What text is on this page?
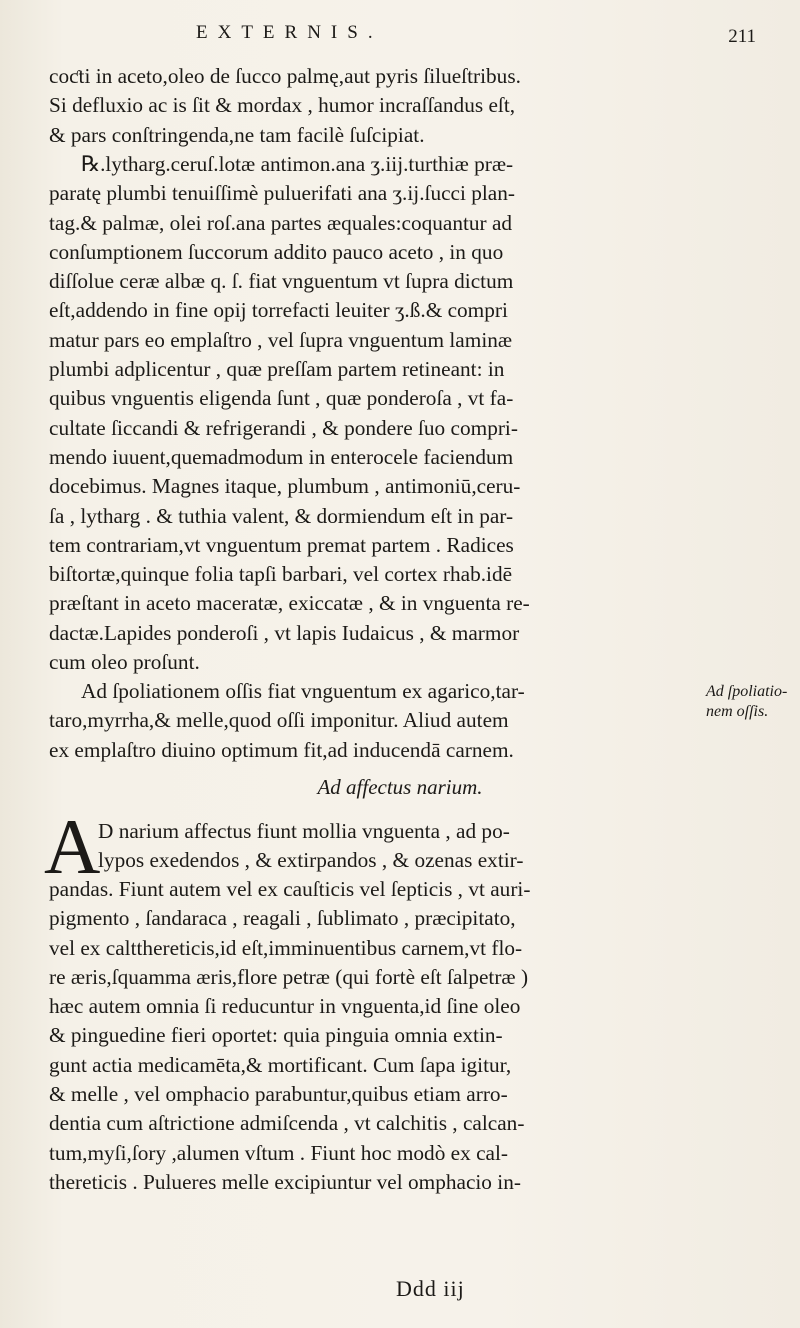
EXTERNIS.	211
coƈti in aceto,oleo de ſucco palmę,aut pyris ſilueſtribus.
Si defluxio ac is ſit & mordax , humor incraſſandus eſt,
& pars conſtringenda,ne tam facilè ſuſcipiat.
℞.lytharg.ceruſ.lotæ antimon.ana ʒ.iij.turthiæ præ-
paratę plumbi tenuiſſimè puluerifati ana ʒ.ij.ſucci plan-
tag.& palmæ, olei roſ.ana partes æquales:coquantur ad
conſumptionem ſuccorum addito pauco aceto , in quo
diſſolue ceræ albæ q. ſ. fiat vnguentum vt ſupra dictum
eſt,addendo in fine opij torrefacti leuiter ʒ.ß.& compri
matur pars eo emplaſtro , vel ſupra vnguentum laminæ
plumbi adplicentur , quæ preſſam partem retineant: in
quibus vnguentis eligenda ſunt , quæ ponderoſa , vt fa-
cultate ſiccandi & refrigerandi , & pondere ſuo compri-
mendo iuuent,quemadmodum in enterocele faciendum
docebimus. Magnes itaque, plumbum , antimoniū,ceru-
ſa , lytharg . & tuthia valent, & dormiendum eſt in par-
tem contrariam,vt vnguentum premat partem . Radices
biſtortæ,quinque folia tapſi barbari, vel cortex rhab.idē
præſtant in aceto maceratæ, exiccatæ , & in vnguenta re-
dactæ.Lapides ponderoſi , vt lapis Iudaicus , & marmor
cum oleo proſunt.
Ad ſpoliationem oſſis fiat vnguentum ex agarico,tar-
taro,myrrha,& melle,quod oſſi imponitur. Aliud autem
ex emplaſtro diuino optimum fit,ad inducendā carnem.
Ad ſpoliatio-
nem oſſis.
Ad affectus narium.
A
D narium affectus fiunt mollia vnguenta , ad po-
lypos exedendos , & extirpandos , & ozenas extir-
pandas. Fiunt autem vel ex cauſticis vel ſepticis , vt auri-
pigmento , ſandaraca , reagali , ſublimato , præcipitato,
vel ex caltthereticis,id eſt,imminuentibus carnem,vt flo-
re æris,ſquamma æris,flore petræ (qui fortè eſt ſalpetræ )
hæc autem omnia ſi reducuntur in vnguenta,id ſine oleo
& pinguedine fieri oportet: quia pinguia omnia extin-
gunt actia medicamēta,& mortificant. Cum ſapa igitur,
& melle , vel omphacio parabuntur,quibus etiam arro-
dentia cum aſtrictione admiſcenda , vt calchitis , calcan-
tum,myſi,ſory ,alumen vſtum . Fiunt hoc modò ex cal-
thereticis . Pulueres melle excipiuntur vel omphacio in-
Ddd iij
